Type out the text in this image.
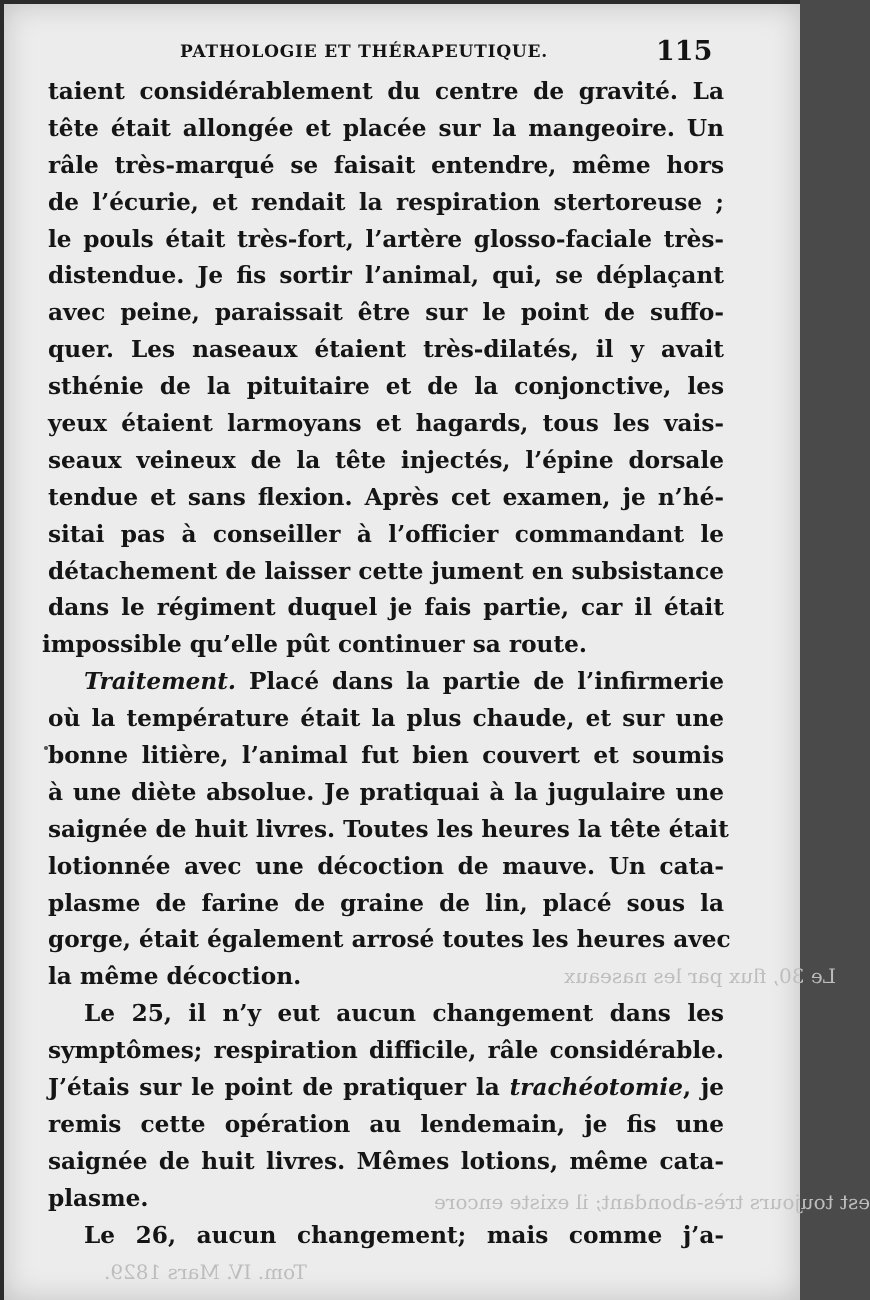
PATHOLOGIE ET THÉRAPEUTIQUE.	115
Le 30, flux par les naseaux
est toujours très-abondant; il existe encore
Tom. IV. Mars 1829.
taient considérablement du centre de gravité. La
tête était allongée et placée sur la mangeoire. Un
râle très-marqué se faisait entendre, même hors
de l’écurie, et rendait la respiration stertoreuse ;
le pouls était très-fort, l’artère glosso-faciale très-
distendue. Je fis sortir l’animal, qui, se déplaçant
avec peine, paraissait être sur le point de suffo-
quer. Les naseaux étaient très-dilatés, il y avait
sthénie de la pituitaire et de la conjonctive, les
yeux étaient larmoyans et hagards, tous les vais-
seaux veineux de la tête injectés, l’épine dorsale
tendue et sans flexion. Après cet examen, je n’hé-
sitai pas à conseiller à l’officier commandant le
détachement de laisser cette jument en subsistance
dans le régiment duquel je fais partie, car il était
impossible qu’elle pût continuer sa route.
Traitement. Placé dans la partie de l’infirmerie
où la température était la plus chaude, et sur une
bonne litière, l’animal fut bien couvert et soumis
à une diète absolue. Je pratiquai à la jugulaire une
saignée de huit livres. Toutes les heures la tête était
lotionnée avec une décoction de mauve. Un cata-
plasme de farine de graine de lin, placé sous la
gorge, était également arrosé toutes les heures avec
la même décoction.
Le 25, il n’y eut aucun changement dans les
symptômes; respiration difficile, râle considérable.
J’étais sur le point de pratiquer la trachéotomie, je
remis cette opération au lendemain, je fis une
saignée de huit livres. Mêmes lotions, même cata-
plasme.
Le 26, aucun changement; mais comme j’a-
